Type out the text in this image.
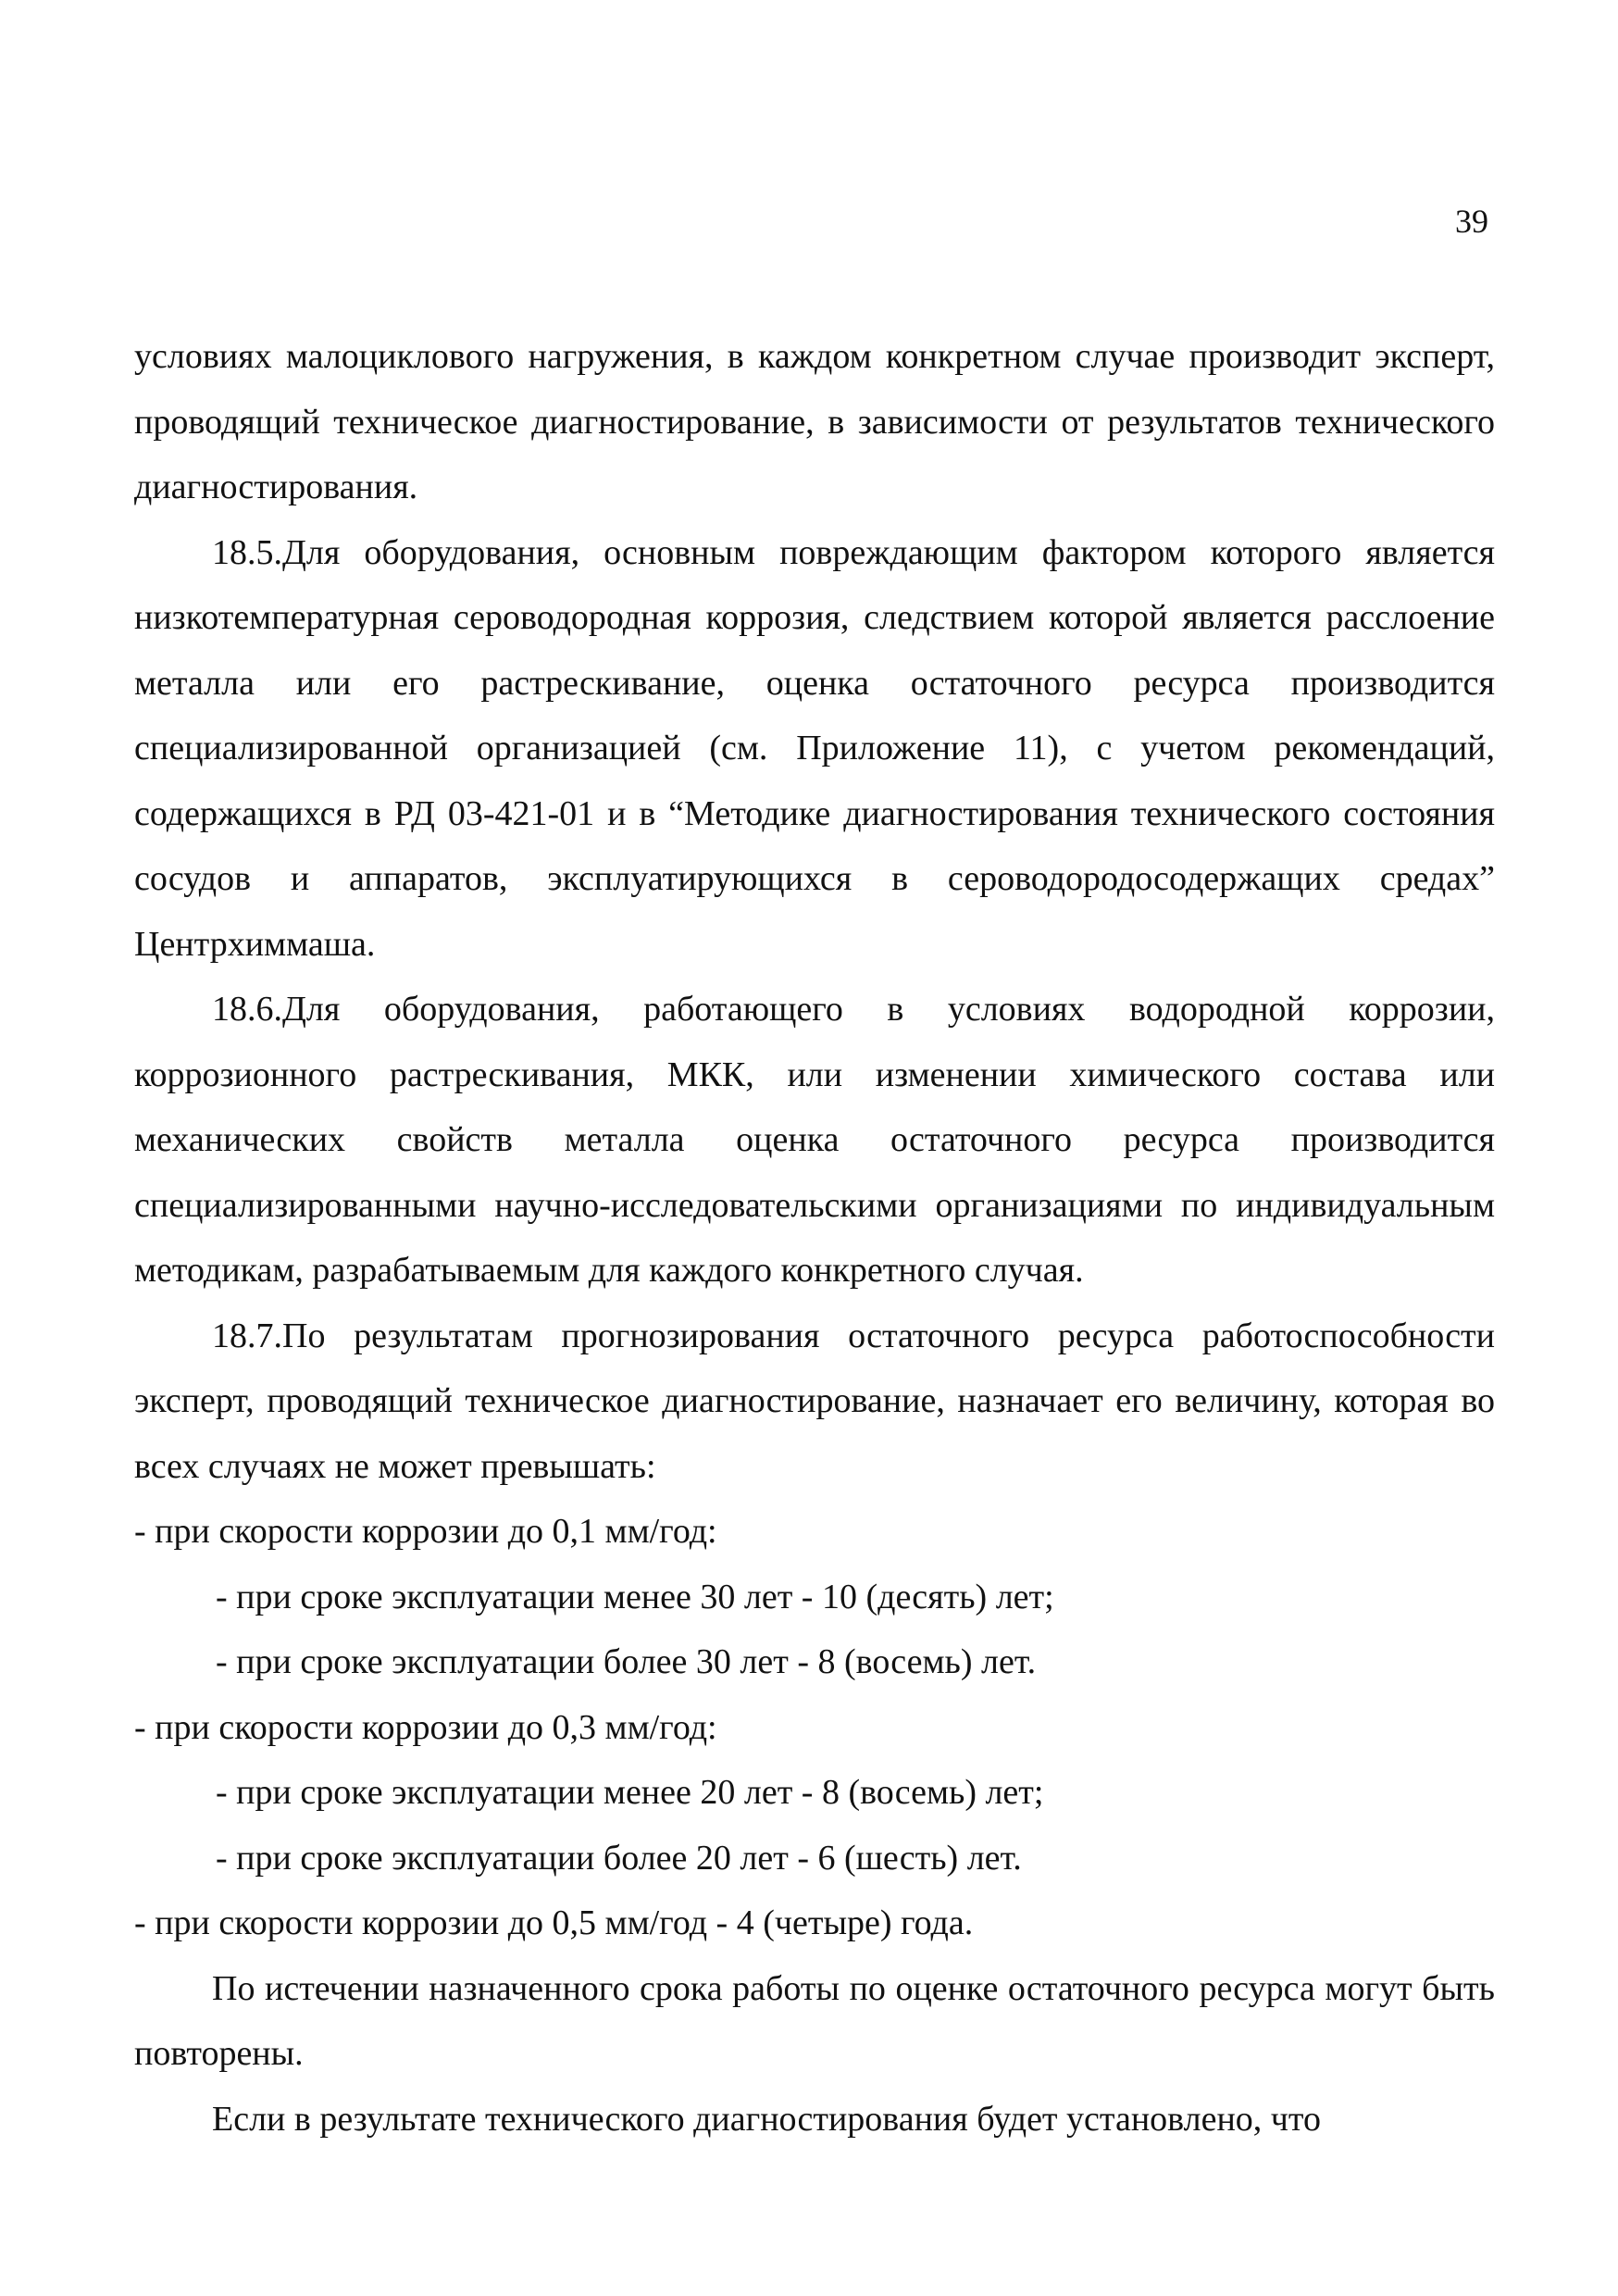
39

условиях малоциклового нагружения, в каждом конкретном случае производит эксперт, проводящий техническое диагностирование, в зависимости от результатов технического диагностирования.

18.5.Для оборудования, основным повреждающим фактором которого является низкотемпературная сероводородная коррозия, следствием которой является расслоение металла или его растрескивание, оценка остаточного ресурса производится специализированной организацией (см. Приложение 11), с учетом рекомендаций, содержащихся в РД 03-421-01 и в “Методике диагностирования технического состояния сосудов и аппаратов, эксплуатирующихся в сероводородосодержащих средах” Центрхиммаша.

18.6.Для оборудования, работающего в условиях водородной коррозии, коррозионного растрескивания, МКК, или изменении химического состава или механических свойств металла оценка остаточного ресурса производится специализированными научно-исследовательскими организациями по индивидуальным методикам, разрабатываемым для каждого конкретного случая.

18.7.По результатам прогнозирования остаточного ресурса работоспособности эксперт, проводящий техническое диагностирование, назначает его величину, которая во всех случаях не может превышать:

- при скорости коррозии до 0,1 мм/год:

- при сроке эксплуатации менее 30 лет - 10 (десять) лет;

- при сроке эксплуатации более 30 лет - 8 (восемь) лет.

- при скорости коррозии до 0,3 мм/год:

- при сроке эксплуатации менее 20 лет - 8 (восемь) лет;

- при сроке эксплуатации более 20 лет - 6 (шесть) лет.

- при скорости коррозии до 0,5 мм/год - 4 (четыре) года.

По истечении назначенного срока работы по оценке остаточного ресурса могут быть повторены.

Если в результате технического диагностирования будет установлено, что
